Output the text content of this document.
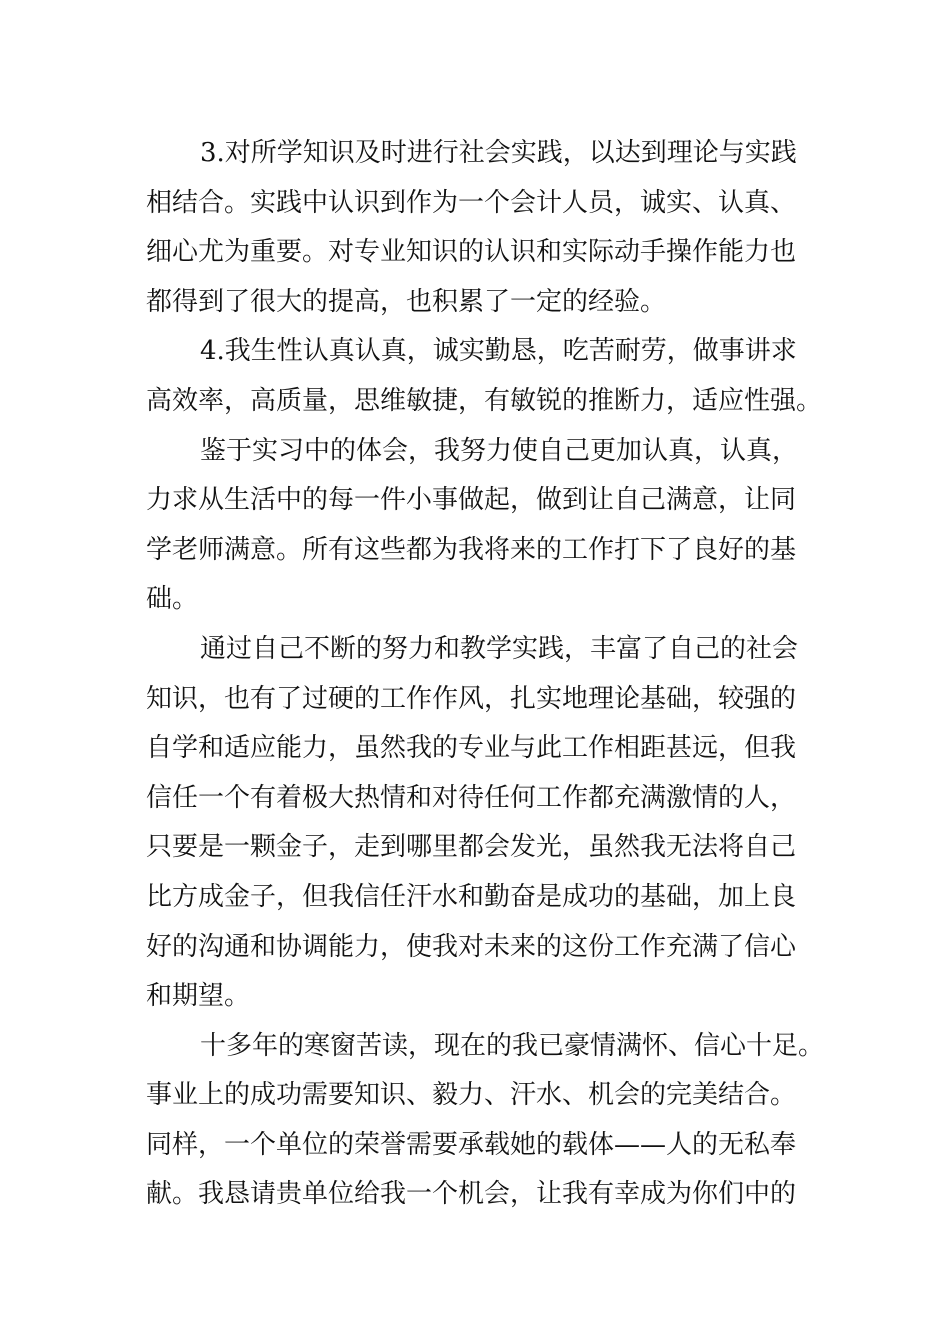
3.对所学知识及时进行社会实践，以达到理论与实践
相结合。实践中认识到作为一个会计人员，诚实、认真、
细心尤为重要。对专业知识的认识和实际动手操作能力也
都得到了很大的提高，也积累了一定的经验。
4.我生性认真认真，诚实勤恳，吃苦耐劳，做事讲求
高效率，高质量，思维敏捷，有敏锐的推断力，适应性强。
鉴于实习中的体会，我努力使自己更加认真，认真，
力求从生活中的每一件小事做起，做到让自己满意，让同
学老师满意。所有这些都为我将来的工作打下了良好的基
础。
通过自己不断的努力和教学实践，丰富了自己的社会
知识，也有了过硬的工作作风，扎实地理论基础，较强的
自学和适应能力，虽然我的专业与此工作相距甚远，但我
信任一个有着极大热情和对待任何工作都充满激情的人，
只要是一颗金子，走到哪里都会发光，虽然我无法将自己
比方成金子，但我信任汗水和勤奋是成功的基础，加上良
好的沟通和协调能力，使我对未来的这份工作充满了信心
和期望。
十多年的寒窗苦读，现在的我已豪情满怀、信心十足。
事业上的成功需要知识、毅力、汗水、机会的完美结合。
同样，一个单位的荣誉需要承载她的载体——人的无私奉
献。我恳请贵单位给我一个机会，让我有幸成为你们中的
